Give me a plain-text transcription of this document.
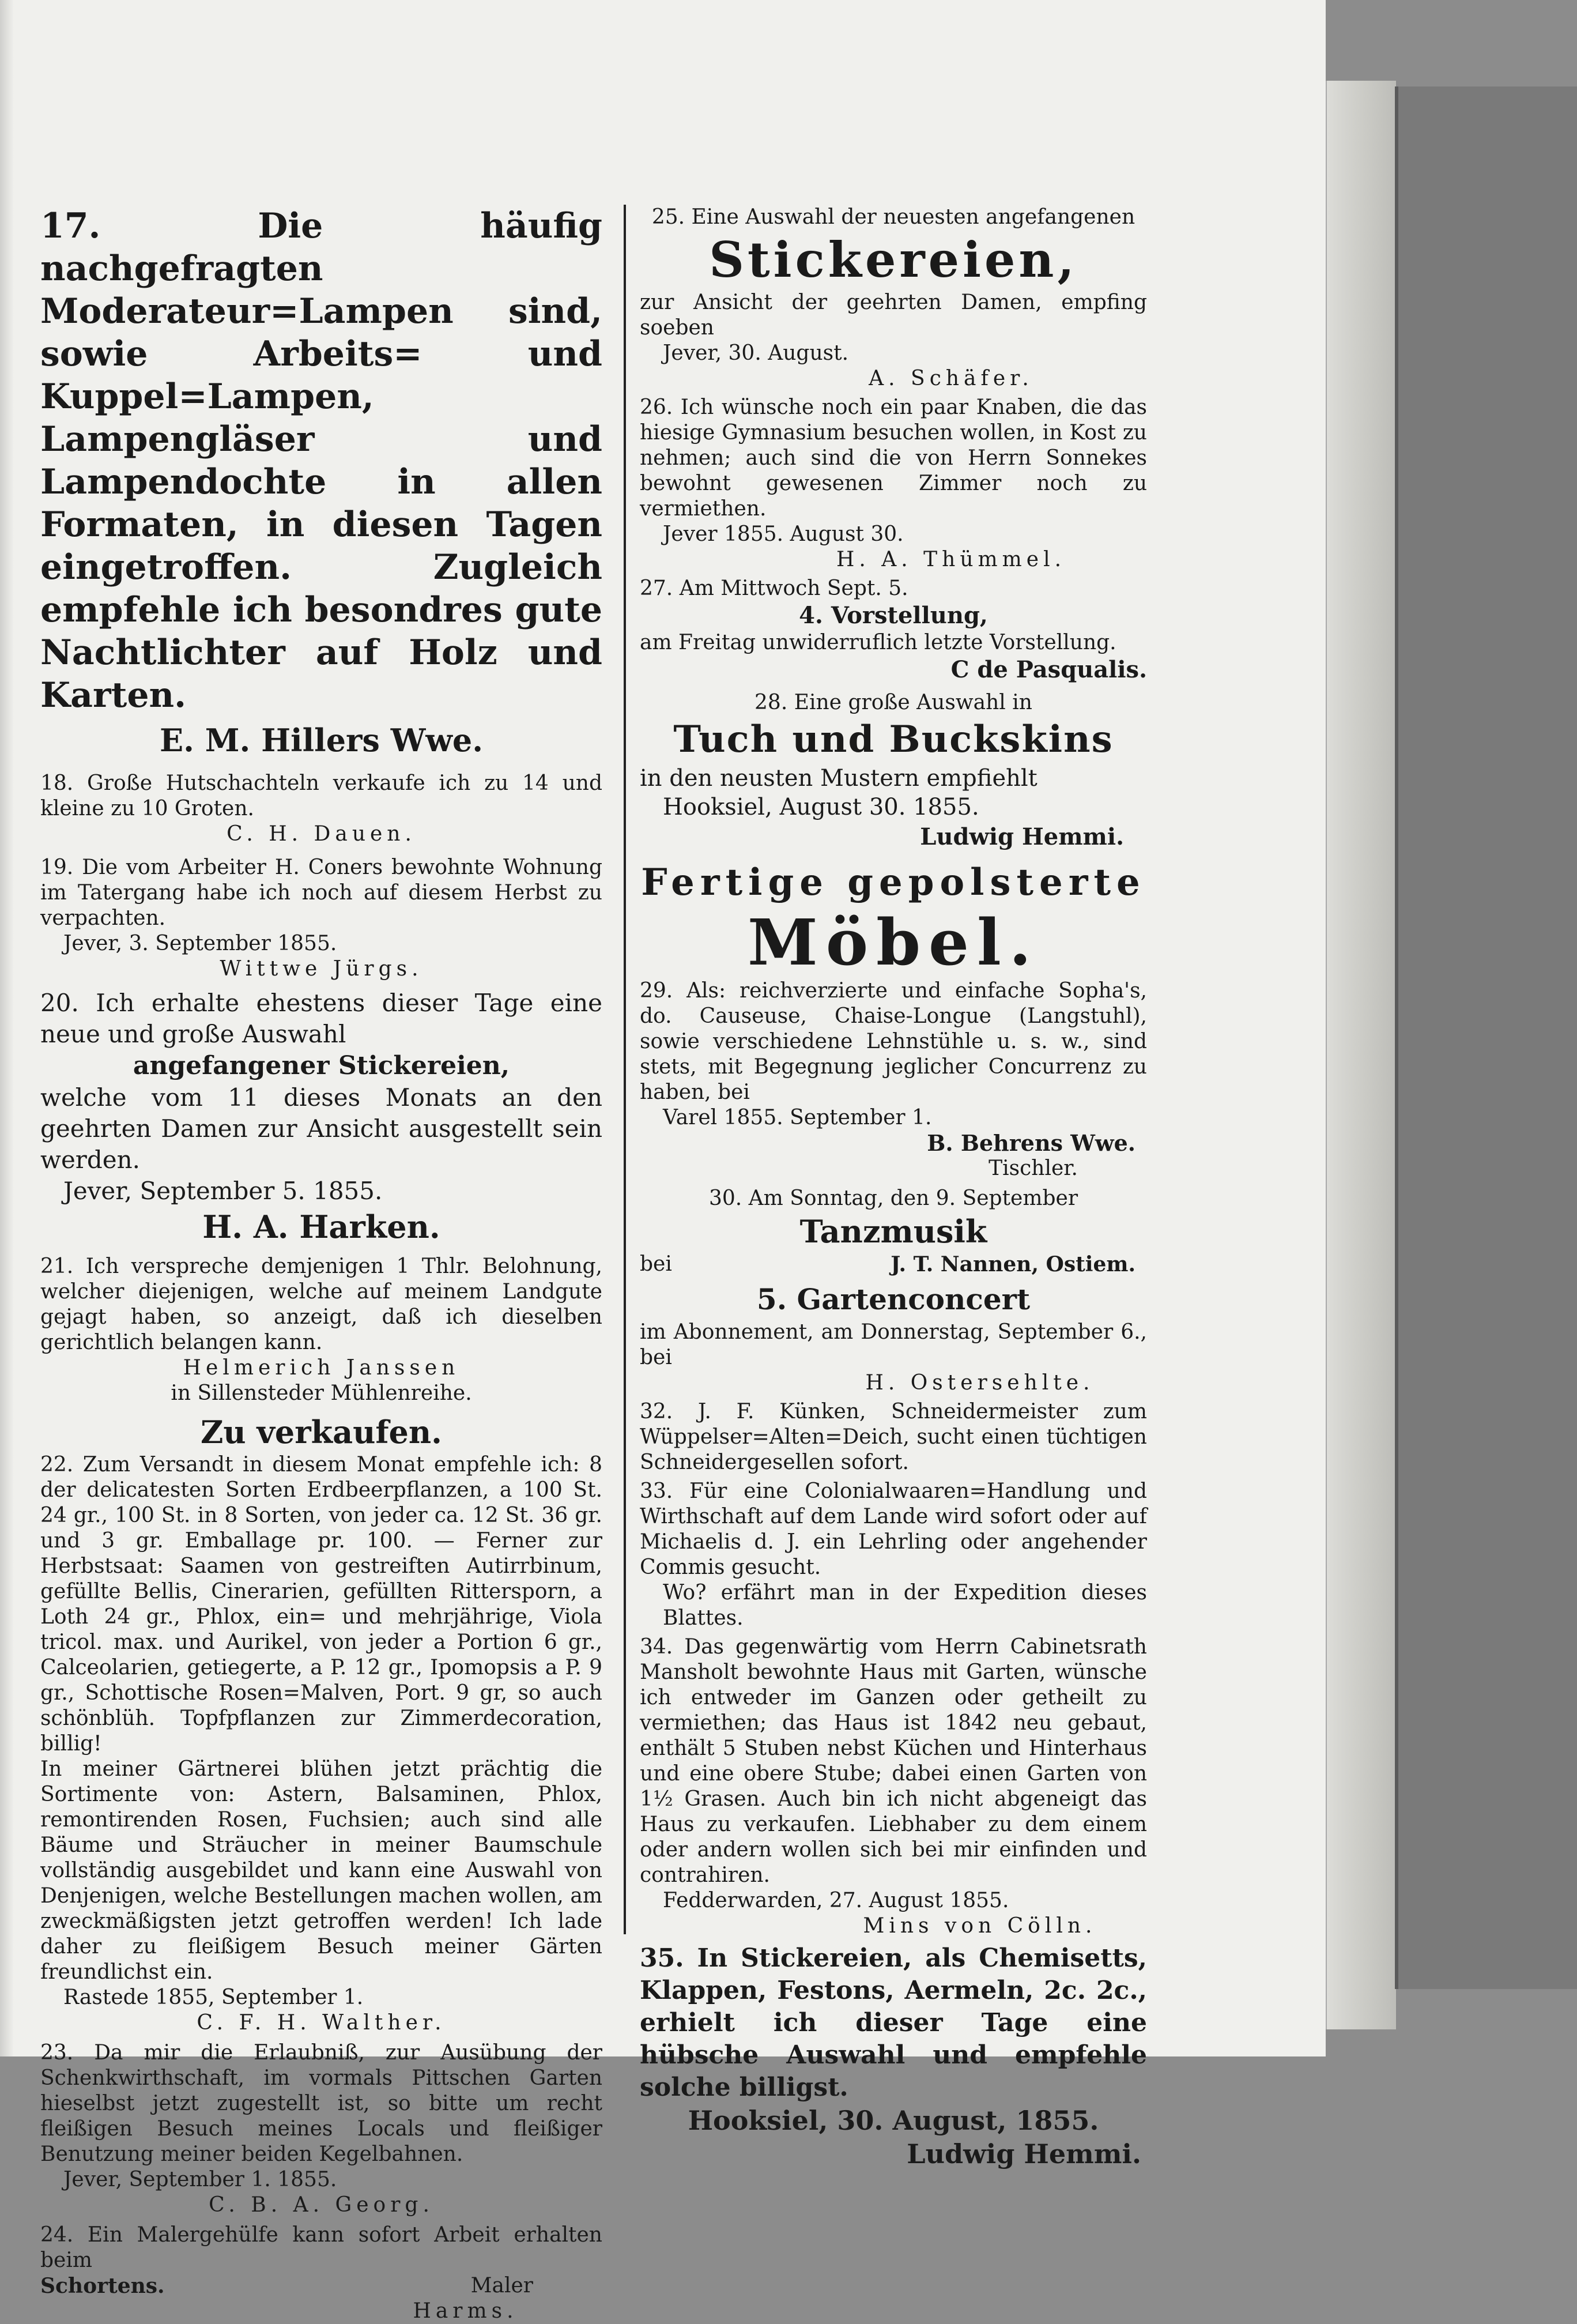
17. Die häufig nachgefragten Moderateur=Lampen sind, sowie Arbeits= und Kuppel=Lampen, Lampengläser und Lampendochte in allen Formaten, in diesen Tagen eingetroffen. Zugleich empfehle ich besondres gute Nachtlichter auf Holz und Karten.

E. M. Hillers Wwe.

18. Große Hutschachteln verkaufe ich zu 14 und kleine zu 10 Groten.

C. H. Dauen.

19. Die vom Arbeiter H. Coners bewohnte Wohnung im Tatergang habe ich noch auf diesem Herbst zu verpachten.

Jever, 3. September 1855.

Wittwe Jürgs.

20. Ich erhalte ehestens dieser Tage eine neue und große Auswahl

angefangener Stickereien,

welche vom 11 dieses Monats an den geehrten Damen zur Ansicht ausgestellt sein werden.

Jever, September 5. 1855.

H. A. Harken.

21. Ich verspreche demjenigen 1 Thlr. Belohnung, welcher diejenigen, welche auf meinem Landgute gejagt haben, so anzeigt, daß ich dieselben gerichtlich belangen kann.

Helmerich Janssen

in Sillensteder Mühlenreihe.

Zu verkaufen.

22. Zum Versandt in diesem Monat empfehle ich: 8 der delicatesten Sorten Erdbeerpflanzen, a 100 St. 24 gr., 100 St. in 8 Sorten, von jeder ca. 12 St. 36 gr. und 3 gr. Emballage pr. 100. — Ferner zur Herbstsaat: Saamen von gestreiften Autirrbinum, gefüllte Bellis, Cinerarien, gefüllten Rittersporn, a Loth 24 gr., Phlox, ein= und mehrjährige, Viola tricol. max. und Aurikel, von jeder a Portion 6 gr., Calceolarien, getiegerte, a P. 12 gr., Ipomopsis a P. 9 gr., Schottische Rosen=Malven, Port. 9 gr, so auch schönblüh. Topfpflanzen zur Zimmerdecoration, billig!

In meiner Gärtnerei blühen jetzt prächtig die Sortimente von: Astern, Balsaminen, Phlox, remontirenden Rosen, Fuchsien; auch sind alle Bäume und Sträucher in meiner Baumschule vollständig ausgebildet und kann eine Auswahl von Denjenigen, welche Bestellungen machen wollen, am zweckmäßigsten jetzt getroffen werden! Ich lade daher zu fleißigem Besuch meiner Gärten freundlichst ein.

Rastede 1855, September 1.

C. F. H. Walther.

23. Da mir die Erlaubniß, zur Ausübung der Schenkwirthschaft, im vormals Pittschen Garten hieselbst jetzt zugestellt ist, so bitte um recht fleißigen Besuch meines Locals und fleißiger Benutzung meiner beiden Kegelbahnen.

Jever, September 1. 1855.

C. B. A. Georg.

24. Ein Malergehülfe kann sofort Arbeit erhalten beim

Schortens.	Maler

Harms.

25. Eine Auswahl der neuesten angefangenen

Stickereien,

zur Ansicht der geehrten Damen, empfing soeben

Jever, 30. August.

A. Schäfer.

26. Ich wünsche noch ein paar Knaben, die das hiesige Gymnasium besuchen wollen, in Kost zu nehmen; auch sind die von Herrn Sonnekes bewohnt gewesenen Zimmer noch zu vermiethen.

Jever 1855. August 30.

H. A. Thümmel.

27. Am Mittwoch Sept. 5.

4. Vorstellung,

am Freitag unwiderruflich letzte Vorstellung.

C de Pasqualis.

28. Eine große Auswahl in

Tuch und Buckskins

in den neusten Mustern empfiehlt

Hooksiel, August 30. 1855.

Ludwig Hemmi.

Fertige gepolsterte

Möbel.

29. Als: reichverzierte und einfache Sopha's, do. Causeuse, Chaise-Longue (Langstuhl), sowie verschiedene Lehnstühle u. s. w., sind stets, mit Begegnung jeglicher Concurrenz zu haben, bei

Varel 1855. September 1.

B. Behrens Wwe.

Tischler.

30. Am Sonntag, den 9. September

Tanzmusik

bei	J. T. Nannen, Ostiem.

5. Gartenconcert

im Abonnement, am Donnerstag, September 6., bei

H. Ostersehlte.

32. J. F. Künken, Schneidermeister zum Wüppelser=Alten=Deich, sucht einen tüchtigen Schneidergesellen sofort.

33. Für eine Colonialwaaren=Handlung und Wirthschaft auf dem Lande wird sofort oder auf Michaelis d. J. ein Lehrling oder angehender Commis gesucht.

Wo? erfährt man in der Expedition dieses Blattes.

34. Das gegenwärtig vom Herrn Cabinetsrath Mansholt bewohnte Haus mit Garten, wünsche ich entweder im Ganzen oder getheilt zu vermiethen; das Haus ist 1842 neu gebaut, enthält 5 Stuben nebst Küchen und Hinterhaus und eine obere Stube; dabei einen Garten von 1½ Grasen. Auch bin ich nicht abgeneigt das Haus zu verkaufen. Liebhaber zu dem einem oder andern wollen sich bei mir einfinden und contrahiren.

Fedderwarden, 27. August 1855.

Mins von Cölln.

35. In Stickereien, als Chemisetts, Klappen, Festons, Aermeln, 2c. 2c., erhielt ich dieser Tage eine hübsche Auswahl und empfehle solche billigst.

Hooksiel, 30. August, 1855.

Ludwig Hemmi.
